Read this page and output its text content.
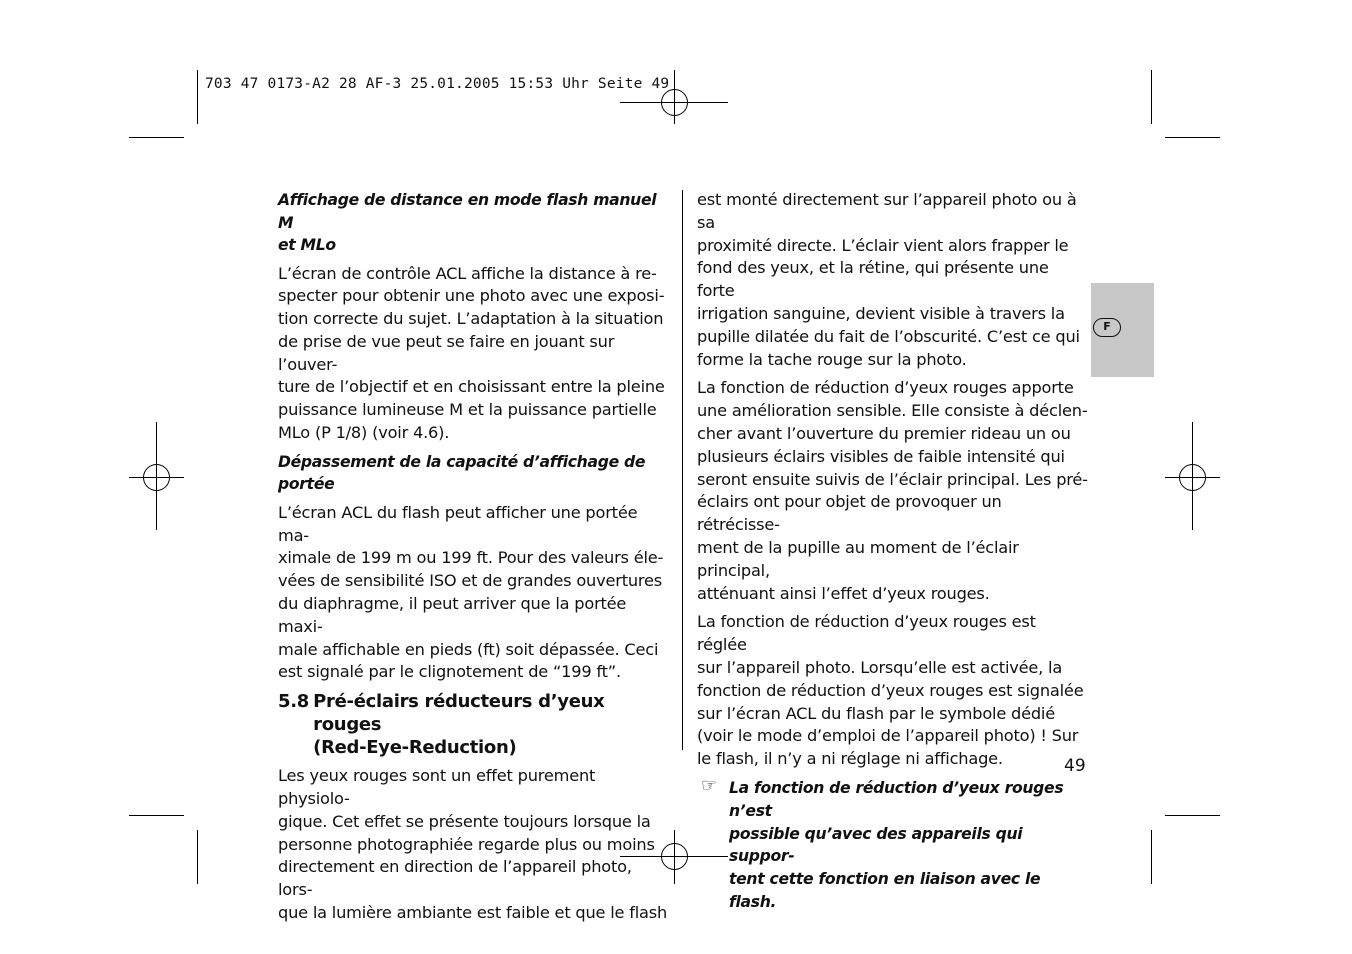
703 47 0173-A2 28 AF-3 25.01.2005 15:53 Uhr Seite 49
F
Affichage de distance en mode flash manuel M
et MLo
L’écran de contrôle ACL affiche la distance à re-
specter pour obtenir une photo avec une exposi-
tion correcte du sujet. L’adaptation à la situation
de prise de vue peut se faire en jouant sur l’ouver-
ture de l’objectif et en choisissant entre la pleine
puissance lumineuse M et la puissance partielle
MLo (P 1/8) (voir 4.6).
Dépassement de la capacité d’affichage de portée
L’écran ACL du flash peut afficher une portée ma-
ximale de 199 m ou 199 ft. Pour des valeurs éle-
vées de sensibilité ISO et de grandes ouvertures
du diaphragme, il peut arriver que la portée maxi-
male affichable en pieds (ft) soit dépassée. Ceci
est signalé par le clignotement de “199 ft”.
5.8 Pré-éclairs réducteurs d’yeux rouges
(Red-Eye-Reduction)
Les yeux rouges sont un effet purement physiolo-
gique. Cet effet se présente toujours lorsque la
personne photographiée regarde plus ou moins
directement en direction de l’appareil photo, lors-
que la lumière ambiante est faible et que le flash
est monté directement sur l’appareil photo ou à sa
proximité directe. L’éclair vient alors frapper le
fond des yeux, et la rétine, qui présente une forte
irrigation sanguine, devient visible à travers la
pupille dilatée du fait de l’obscurité. C’est ce qui
forme la tache rouge sur la photo.
La fonction de réduction d’yeux rouges apporte
une amélioration sensible. Elle consiste à déclen-
cher avant l’ouverture du premier rideau un ou
plusieurs éclairs visibles de faible intensité qui
seront ensuite suivis de l’éclair principal. Les pré-
éclairs ont pour objet de provoquer un rétrécisse-
ment de la pupille au moment de l’éclair principal,
atténuant ainsi l’effet d’yeux rouges.
La fonction de réduction d’yeux rouges est réglée
sur l’appareil photo. Lorsqu’elle est activée, la
fonction de réduction d’yeux rouges est signalée
sur l’écran ACL du flash par le symbole dédié
(voir le mode d’emploi de l’appareil photo) ! Sur
le flash, il n’y a ni réglage ni affichage.
☞ La fonction de réduction d’yeux rouges n’est
possible qu’avec des appareils qui suppor-
tent cette fonction en liaison avec le flash.
49
